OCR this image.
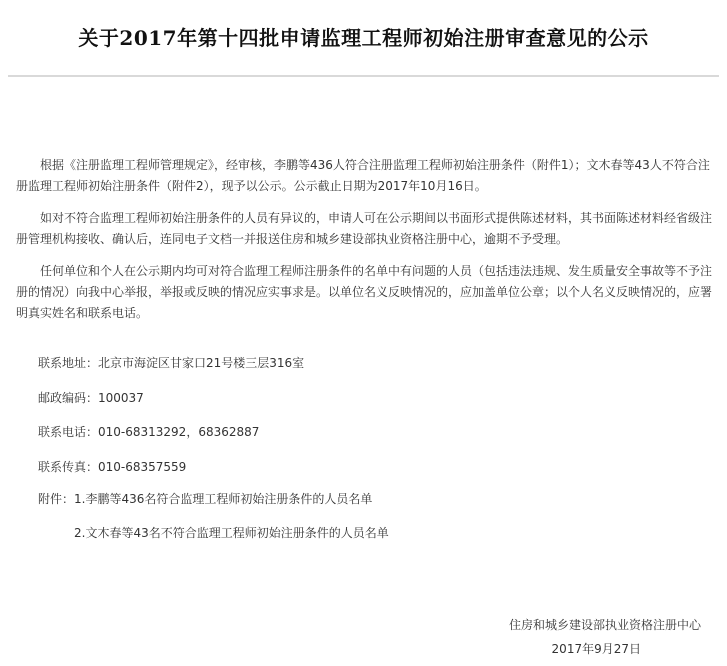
关于2017年第十四批申请监理工程师初始注册审查意见的公示

根据《注册监理工程师管理规定》，经审核，李鹏等436人符合注册监理工程师初始注册条件（附件1）；文木春等43人不符合注册监理工程师初始注册条件（附件2），现予以公示。公示截止日期为2017年10月16日。

如对不符合监理工程师初始注册条件的人员有异议的，申请人可在公示期间以书面形式提供陈述材料，其书面陈述材料经省级注册管理机构接收、确认后，连同电子文档一并报送住房和城乡建设部执业资格注册中心，逾期不予受理。

任何单位和个人在公示期内均可对符合监理工程师注册条件的名单中有问题的人员（包括违法违规、发生质量安全事故等不予注册的情况）向我中心举报，举报或反映的情况应实事求是。以单位名义反映情况的，应加盖单位公章；以个人名义反映情况的，应署明真实姓名和联系电话。

联系地址：北京市海淀区甘家口21号楼三层316室
邮政编码：100037
联系电话：010-68313292，68362887
联系传真：010-68357559
附件：1.李鹏等436名符合监理工程师初始注册条件的人员名单
2.文木春等43名不符合监理工程师初始注册条件的人员名单
住房和城乡建设部执业资格注册中心
2017年9月27日
